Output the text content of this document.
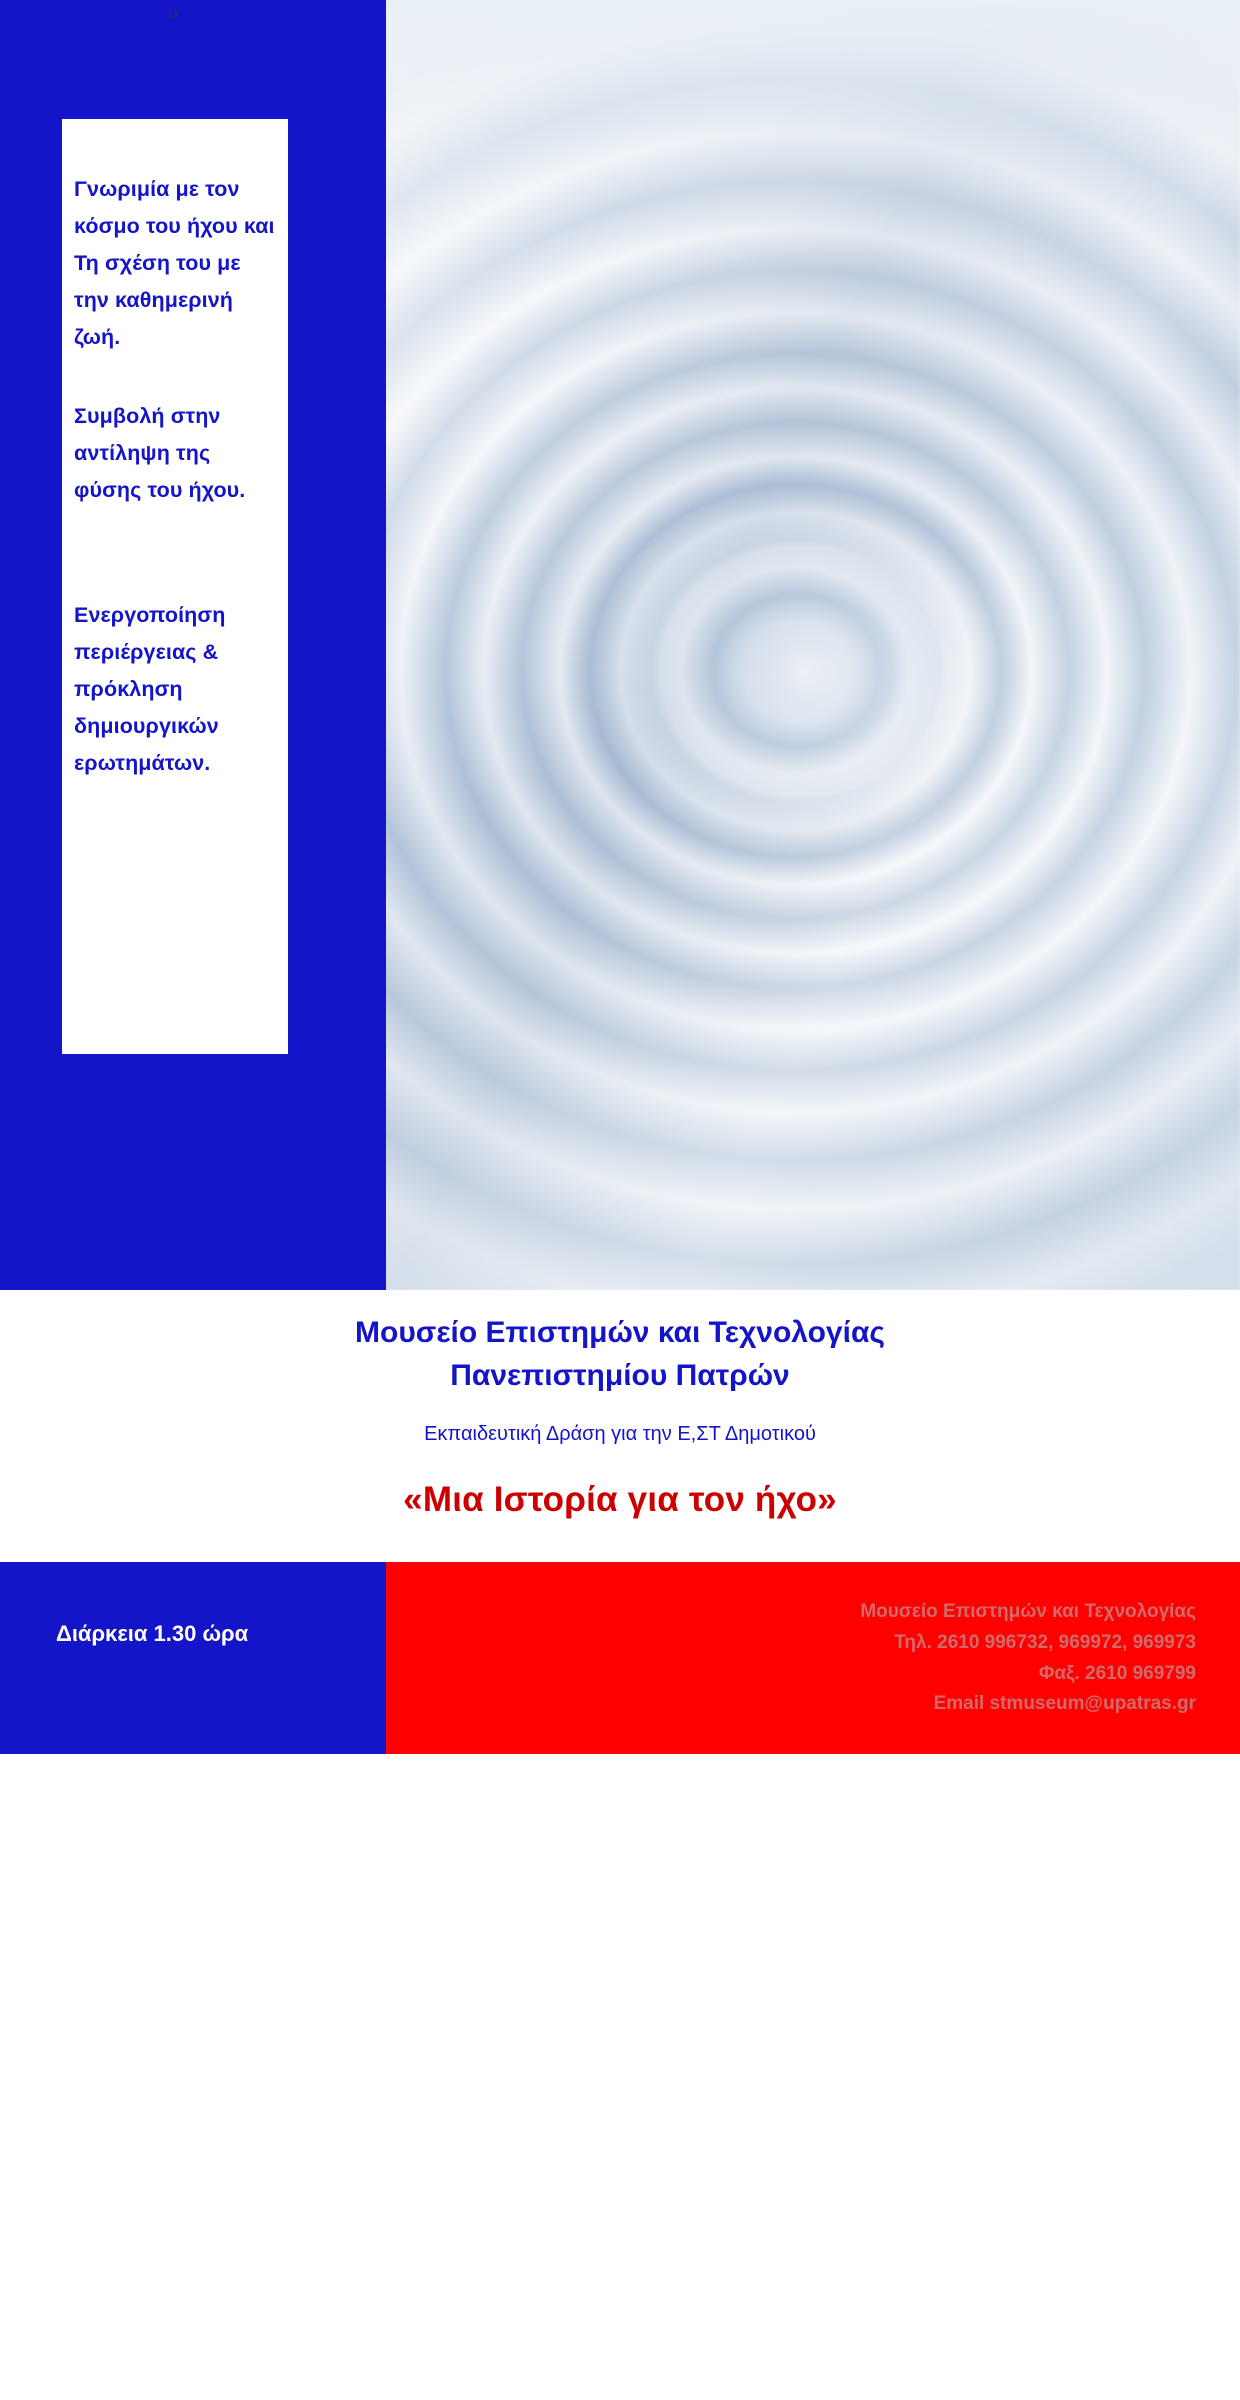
D

Γνωριμία με τον κόσμο του ήχου και Τη σχέση του με την καθημερινή ζωή.

Συμβολή στην αντίληψη της φύσης του ήχου.

Ενεργοποίηση περιέργειας & πρόκληση δημιουργικών ερωτημάτων.

Μουσείο Επιστημών και Τεχνολογίας
Πανεπιστημίου Πατρών
Εκπαιδευτική Δράση για την Ε,ΣΤ Δημοτικού
«Μια Ιστορία για τον ήχο»
Διάρκεια 1.30 ώρα
Μουσείο Επιστημών και Τεχνολογίας
Τηλ. 2610 996732, 969972, 969973
Φαξ. 2610 969799
Email stmuseum@upatras.gr
